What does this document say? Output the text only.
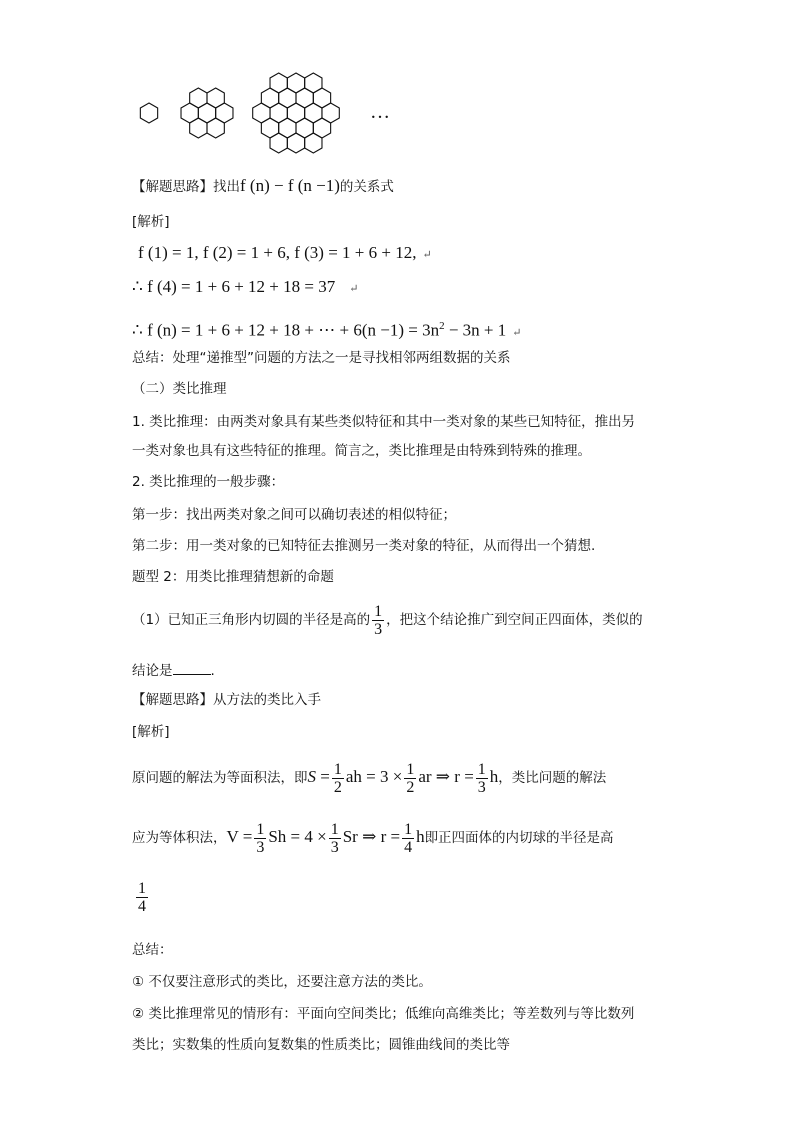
…
【解题思路】找出f (n) − f (n −1)的关系式
[解析]
f (1) = 1, f (2) = 1 + 6, f (3) = 1 + 6 + 12, ↵
∴ f (4) = 1 + 6 + 12 + 18 = 37 ↵
∴ f (n) = 1 + 6 + 12 + 18 + ⋯ + $6(n -1) = 3n^2 - 3n + 1$ ↵
总结：处理“递推型”问题的方法之一是寻找相邻两组数据的关系
（二）类比推理
1. 类比推理：由两类对象具有某些类似特征和其中一类对象的某些已知特征，推出另
一类对象也具有这些特征的推理。简言之，类比推理是由特殊到特殊的推理。
2. 类比推理的一般步骤：
第一步：找出两类对象之间可以确切表述的相似特征；
第二步：用一类对象的已知特征去推测另一类对象的特征，从而得出一个猜想.
题型 2：用类比推理猜想新的命题
（1）已知正三角形内切圆的半径是高的 $\frac{1}{3}$ ，把这个结论推广到空间正四面体，类似的
结论是	.
【解题思路】从方法的类比入手
[解析]
原问题的解法为等面积法，即$S = \frac{1}{2}$ ah = $3 \times \frac{1}{2}$ ar ⇒ $r = \frac{1}{3}$ h，类比问题的解法
应为等体积法，$V = \frac{1}{3}$ $Sh = 4 \times \frac{1}{3}$ Sr ⇒ $r = \frac{1}{4}$ h即正四面体的内切球的半径是高
$\frac{1}{4}$
总结：
① 不仅要注意形式的类比，还要注意方法的类比。
② 类比推理常见的情形有：平面向空间类比；低维向高维类比；等差数列与等比数列
类比；实数集的性质向复数集的性质类比；圆锥曲线间的类比等
